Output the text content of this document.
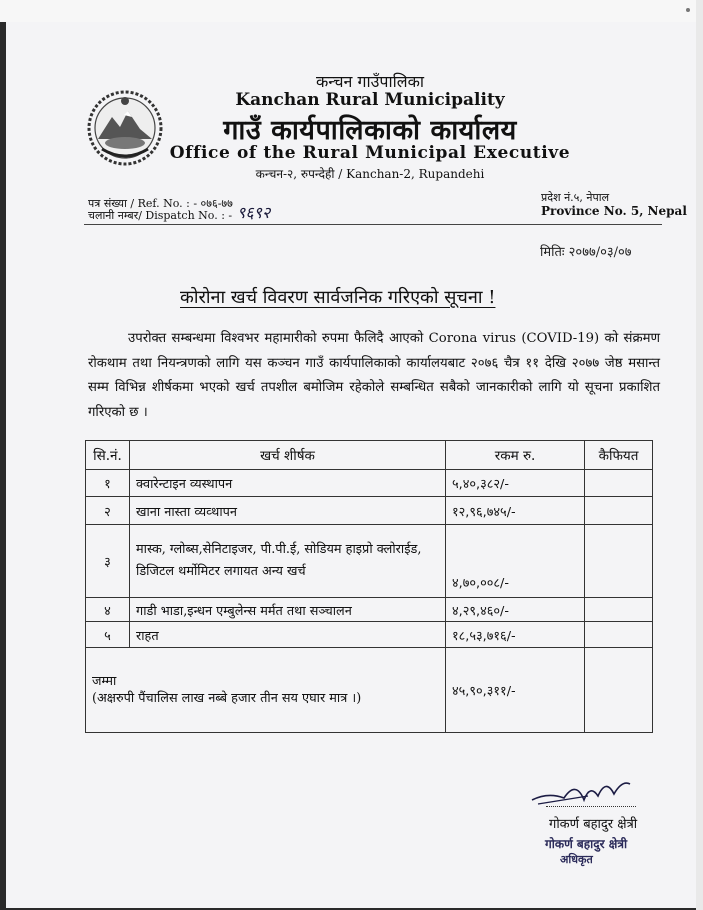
कन्चन गाउँपालिका
Kanchan Rural Municipality
गाउँ कार्यपालिकाको कार्यालय
Office of the Rural Municipal Executive
कन्चन-२, रुपन्देही / Kanchan-2, Rupandehi
पत्र संख्या / Ref. No. : - ०७६-७७
चलानी नम्बर/ Dispatch No. : - ९६९२
प्रदेश नं.५, नेपाल
Province No. 5, Nepal
मितिः २०७७/०३/०७
कोरोना खर्च विवरण सार्वजनिक गरिएको सूचना !
उपरोक्त सम्बन्धमा विश्वभर महामारीको रुपमा फैलिदै आएको Corona virus (COVID-19) को संक्रमण रोकथाम तथा नियन्त्रणको लागि यस कञ्चन गाउँ कार्यपालिकाको कार्यालयबाट २०७६ चैत्र ११ देखि २०७७ जेष्ठ मसान्त सम्म विभिन्न शीर्षकमा भएको खर्च तपशील बमोजिम रहेकोले सम्बन्धित सबैको जानकारीको लागि यो सूचना प्रकाशित गरिएको छ ।
सि.नं.	खर्च शीर्षक	रकम रु.	कैफियत
१	क्वारेन्टाइन व्यस्थापन	५,४०,३८२/-	
२	खाना नास्ता व्यव्थापन	१२,९६,७४५/-	
३	मास्क, ग्लोब्स,सेनिटाइजर, पी.पी.ई, सोडियम हाइप्रो क्लोराईड, डिजिटल थर्मोमिटर लगायत अन्य खर्च	४,७०,००८/-	
४	गाडी भाडा,इन्धन एम्बुलेन्स मर्मत तथा सञ्चालन	४,२९,४६०/-	
५	राहत	१८,५३,७१६/-	

जम्मा
(अक्षरुपी पैंचालिस लाख नब्बे हजार तीन सय एघार मात्र ।)		४५,९०,३११/-	
गोकर्ण बहादुर क्षेत्री
गोकर्ण बहादुर क्षेत्री
अधिकृत
